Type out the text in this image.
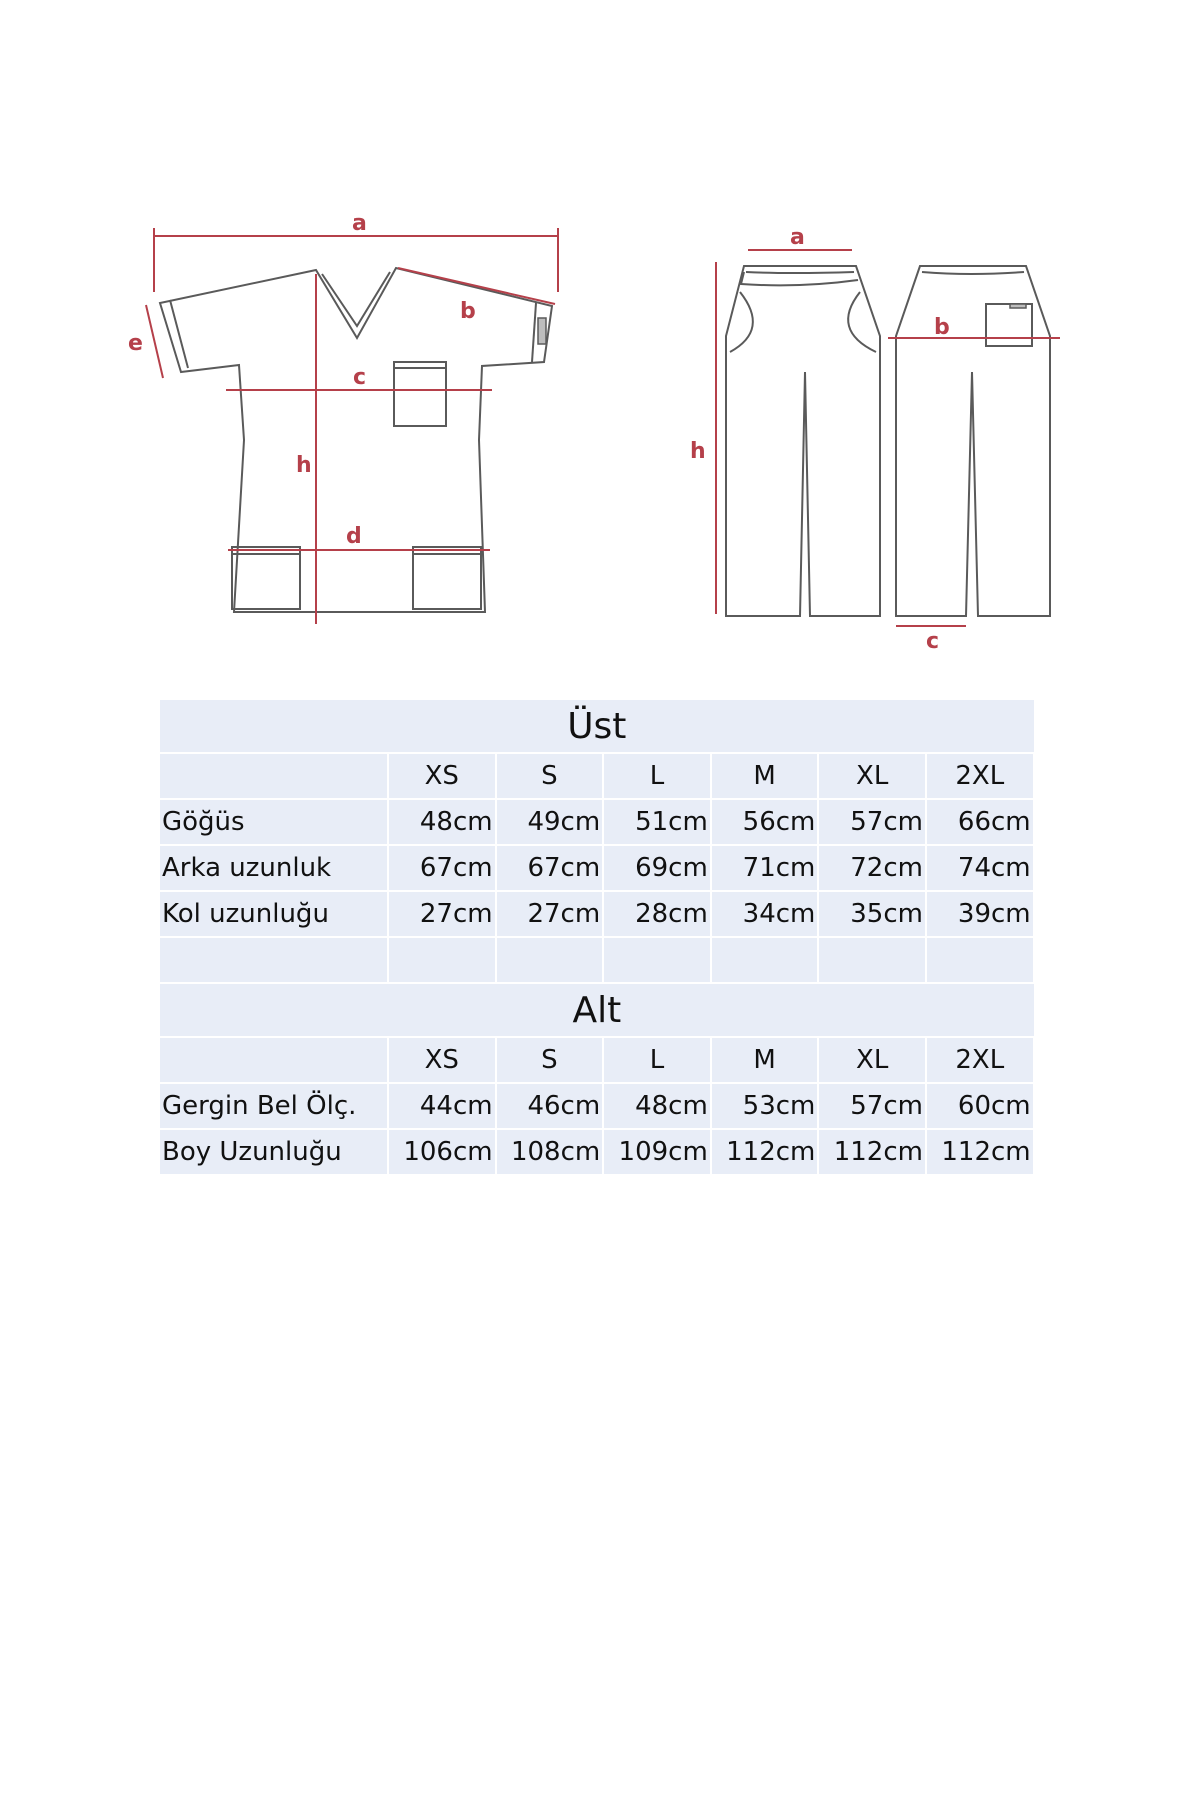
a
b
c
d
e
h
a
b
c
h
Üst						
	XS	S	L	M	XL	2XL
Göğüs	48cm	49cm	51cm	56cm	57cm	66cm
Arka uzunluk	67cm	67cm	69cm	71cm	72cm	74cm
Kol uzunluğu	27cm	27cm	28cm	34cm	35cm	39cm

Alt						
	XS	S	L	M	XL	2XL
Gergin Bel Ölç.	44cm	46cm	48cm	53cm	57cm	60cm
Boy Uzunluğu	106cm	108cm	109cm	112cm	112cm	112cm
